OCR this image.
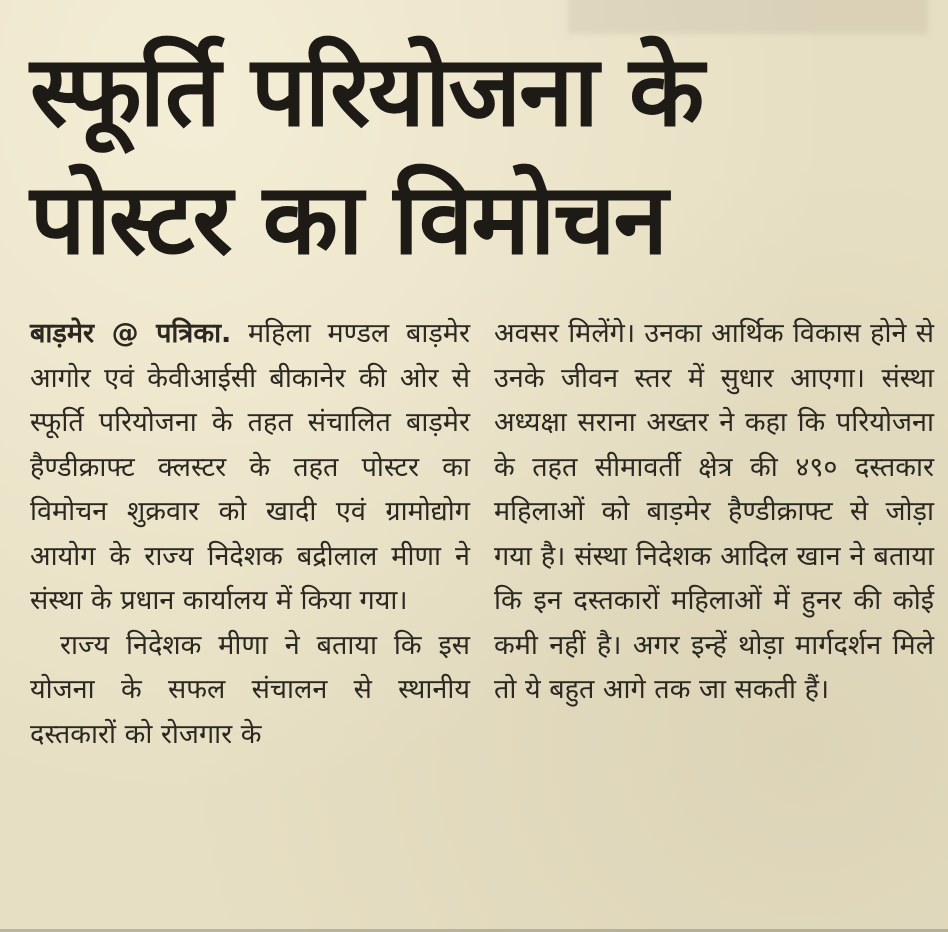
स्फूर्ति परियोजना के
पोस्टर का विमोचन

बाड़मेर @ पत्रिका. महिला मण्डल बाड़मेर आगोर एवं केवीआईसी बीकानेर की ओर से स्फूर्ति परियोजना के तहत संचालित बाड़मेर हैण्डीक्राफ्ट क्लस्टर के तहत पोस्टर का विमोचन शुक्रवार को खादी एवं ग्रामोद्योग आयोग के राज्य निदेशक बद्रीलाल मीणा ने संस्था के प्रधान कार्यालय में किया गया।

राज्य निदेशक मीणा ने बताया कि इस योजना के सफल संचालन से स्थानीय दस्तकारों को रोजगार के

अवसर मिलेंगे। उनका आर्थिक विकास होने से उनके जीवन स्तर में सुधार आएगा। संस्था अध्यक्षा सराना अख्तर ने कहा कि परियोजना के तहत सीमावर्ती क्षेत्र की ४९० दस्तकार महिलाओं को बाड़मेर हैण्डीक्राफ्ट से जोड़ा गया है। संस्था निदेशक आदिल खान ने बताया कि इन दस्तकारों महिलाओं में हुनर की कोई कमी नहीं है। अगर इन्हें थोड़ा मार्गदर्शन मिले तो ये बहुत आगे तक जा सकती हैं।
